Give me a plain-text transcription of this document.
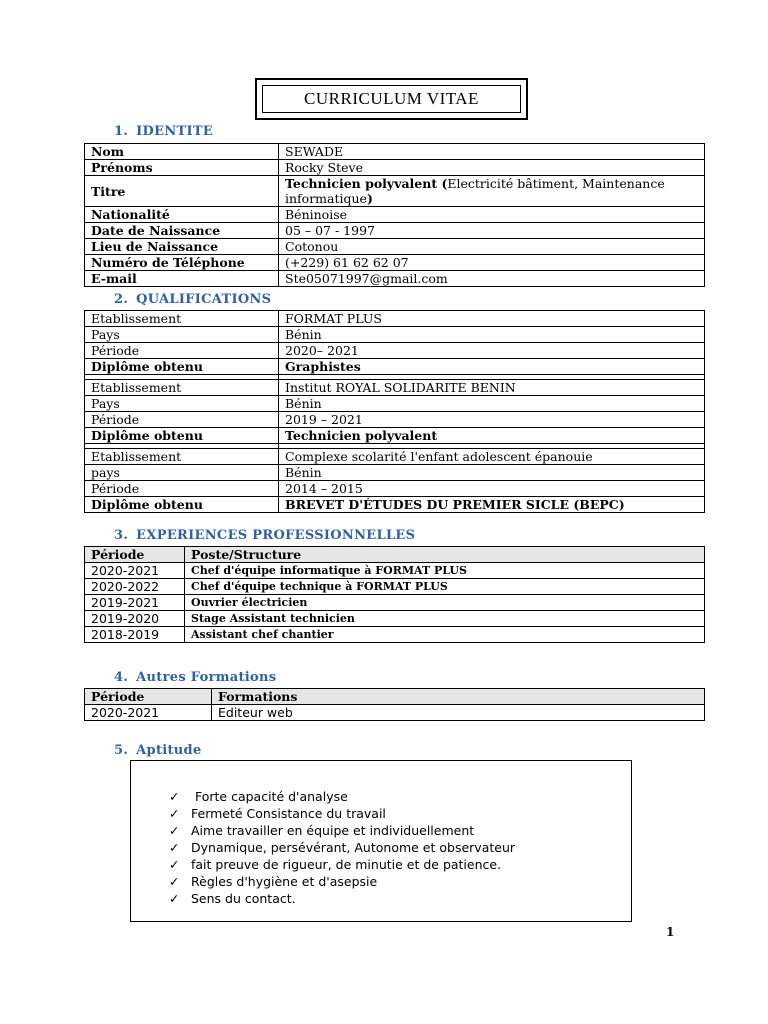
CURRICULUM VITAE
1. IDENTITE
Nom	SEWADE
Prénoms	Rocky Steve
Titre	Technicien polyvalent (Electricité bâtiment, Maintenance informatique)
Nationalité	Béninoise
Date de Naissance	05 – 07 - 1997
Lieu de Naissance	Cotonou
Numéro de Téléphone	(+229) 61 62 62 07
E-mail	Ste05071997@gmail.com
2. QUALIFICATIONS
Etablissement	FORMAT PLUS
Pays	Bénin
Période	2020– 2021
Diplôme obtenu	Graphistes

Etablissement	Institut ROYAL SOLIDARITE BENIN
Pays	Bénin
Période	2019 – 2021
Diplôme obtenu	Technicien polyvalent

Etablissement	Complexe scolarité l'enfant adolescent épanouie
pays	Bénin
Période	2014 – 2015
Diplôme obtenu	BREVET D'ÉTUDES DU PREMIER SICLE (BEPC)
3. EXPERIENCES PROFESSIONNELLES
Période	Poste/Structure
2020-2021	Chef d'équipe informatique à FORMAT PLUS
2020-2022	Chef d'équipe technique à FORMAT PLUS
2019-2021	Ouvrier électricien
2019-2020	Stage Assistant technicien
2018-2019	Assistant chef chantier
4. Autres Formations
Période	Formations
2020-2021	Editeur web
5. Aptitude
✓ Forte capacité d'analyse
✓ Fermeté Consistance du travail
✓ Aime travailler en équipe et individuellement
✓ Dynamique, persévérant, Autonome et observateur
✓ fait preuve de rigueur, de minutie et de patience.
✓ Règles d'hygiène et d'asepsie
✓ Sens du contact.
1
